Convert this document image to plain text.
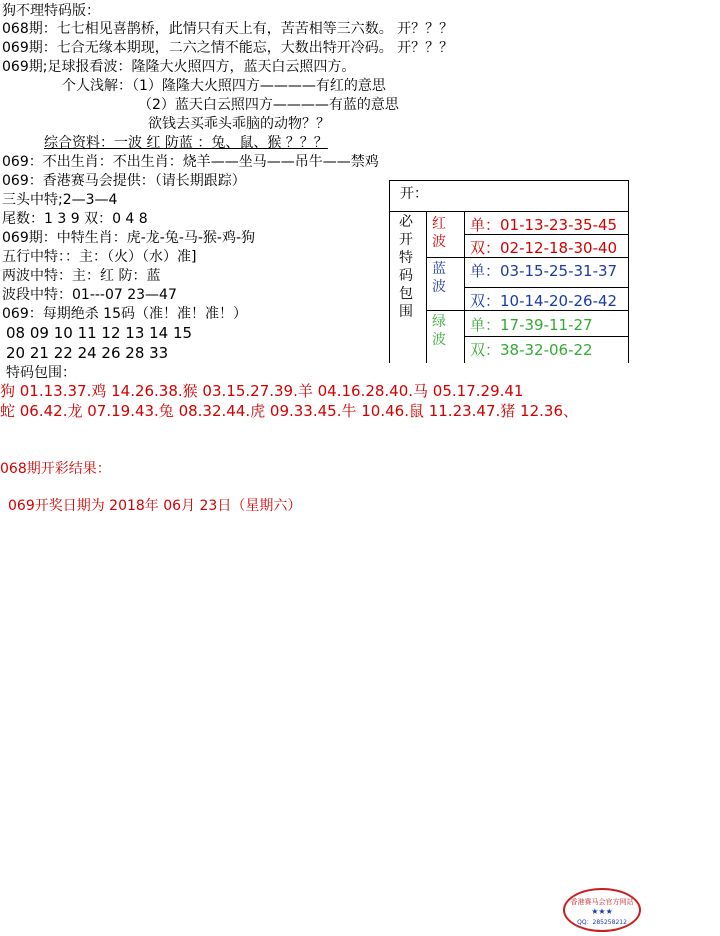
狗不理特码版：
068期：七七相见喜鹊桥，此情只有天上有，苦苦相等三六数。 开？？？
069期：七合无缘本期现，二六之情不能忘，大数出特开冷码。 开？？？
069期;足球报看波：隆隆大火照四方，蓝天白云照四方。
个人浅解：（1）隆隆大火照四方————有红的意思
（2）蓝天白云照四方————有蓝的意思
欲钱去买乖头乖脑的动物？？
综合资料：一波 红 防蓝 ：兔、鼠、猴 ？？？
069：不出生肖：不出生肖：烧羊——坐马——吊牛——禁鸡
069：香港赛马会提供：（请长期跟踪）
三头中特;2—3—4
尾数：1 3 9 双：0 4 8
069期：中特生肖：虎-龙-兔-马-猴-鸡-狗
五行中特：：主：（火）（水）准]
两波中特：主：红 防：蓝
波段中特：01---07 23—47
069：每期绝杀 15码（准！准！准！）
08 09 10 11 12 13 14 15
20 21 22 24 26 28 33
特码包围：
狗 01.13.37.鸡 14.26.38.猴 03.15.27.39.羊 04.16.28.40.马 05.17.29.41
蛇 06.42.龙 07.19.43.兔 08.32.44.虎 09.33.45.牛 10.46.鼠 11.23.47.猪 12.36、
068期开彩结果：
069开奖日期为 2018年 06月 23日（星期六）
开：
必开特码包围
红波
蓝波
绿波
单：01-13-23-35-45
双：02-12-18-30-40
单：03-15-25-31-37
双：10-14-20-26-42
单：17-39-11-27
双：38-32-06-22
香港赛马会官方网站
★★★
QQ：285258212
